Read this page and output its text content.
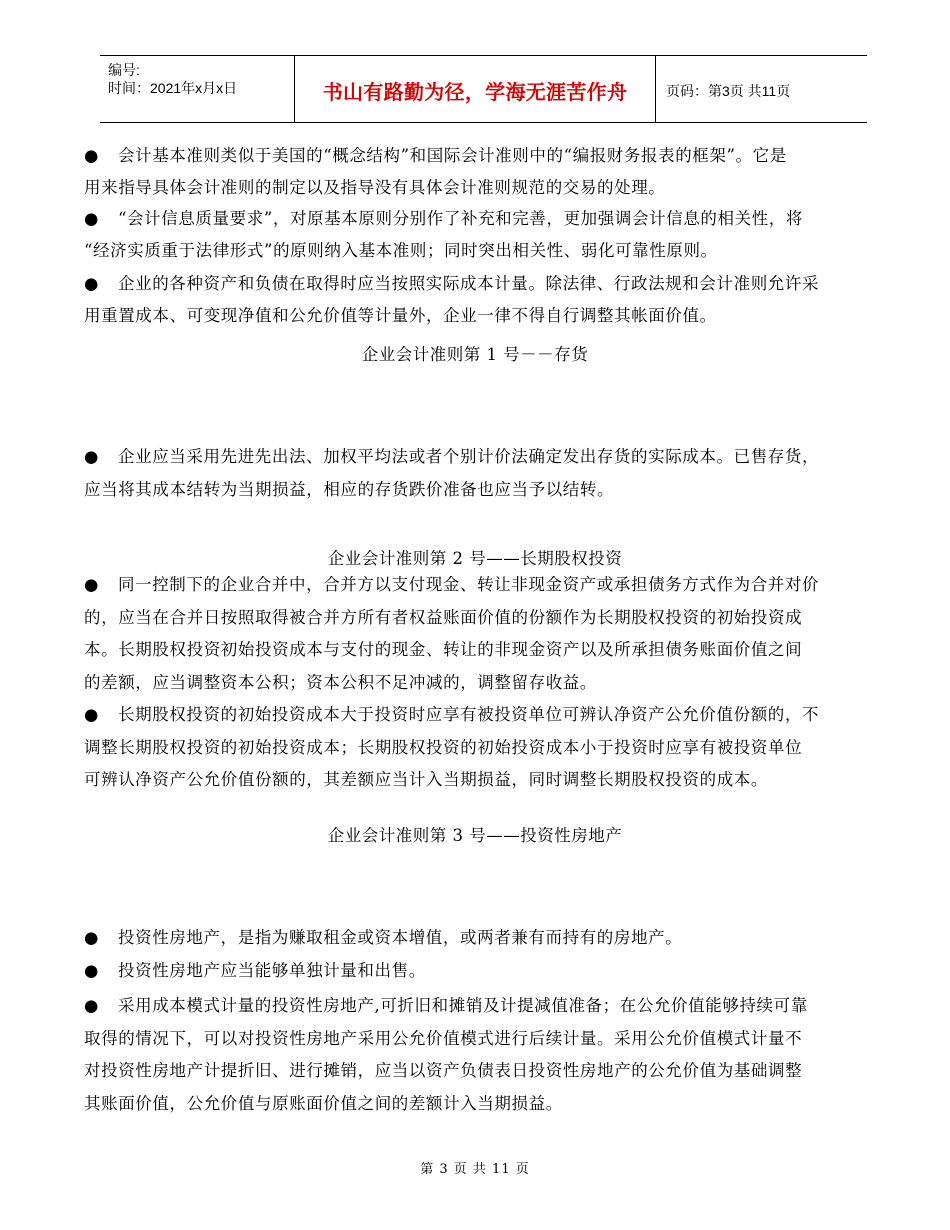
编号:
时间：2021年x月x日	书山有路勤为径，学海无涯苦作舟	页码：第3页 共11页
● 会计基本准则类似于美国的“概念结构”和国际会计准则中的“编报财务报表的框架”。它是
用来指导具体会计准则的制定以及指导没有具体会计准则规范的交易的处理。
● “会计信息质量要求”，对原基本原则分别作了补充和完善，更加强调会计信息的相关性，将
“经济实质重于法律形式”的原则纳入基本准则；同时突出相关性、弱化可靠性原则。
● 企业的各种资产和负债在取得时应当按照实际成本计量。除法律、行政法规和会计准则允许采
用重置成本、可变现净值和公允价值等计量外，企业一律不得自行调整其帐面价值。
企业会计准则第 1 号－－存货
● 企业应当采用先进先出法、加权平均法或者个别计价法确定发出存货的实际成本。已售存货，
应当将其成本结转为当期损益，相应的存货跌价准备也应当予以结转。
企业会计准则第 2 号——长期股权投资
● 同一控制下的企业合并中，合并方以支付现金、转让非现金资产或承担债务方式作为合并对价
的，应当在合并日按照取得被合并方所有者权益账面价值的份额作为长期股权投资的初始投资成
本。长期股权投资初始投资成本与支付的现金、转让的非现金资产以及所承担债务账面价值之间
的差额，应当调整资本公积；资本公积不足冲减的，调整留存收益。
● 长期股权投资的初始投资成本大于投资时应享有被投资单位可辨认净资产公允价值份额的，不
调整长期股权投资的初始投资成本；长期股权投资的初始投资成本小于投资时应享有被投资单位
可辨认净资产公允价值份额的，其差额应当计入当期损益，同时调整长期股权投资的成本。
企业会计准则第 3 号——投资性房地产
● 投资性房地产，是指为赚取租金或资本增值，或两者兼有而持有的房地产。
● 投资性房地产应当能够单独计量和出售。
● 采用成本模式计量的投资性房地产,可折旧和摊销及计提减值准备；在公允价值能够持续可靠
取得的情况下，可以对投资性房地产采用公允价值模式进行后续计量。采用公允价值模式计量不
对投资性房地产计提折旧、进行摊销，应当以资产负债表日投资性房地产的公允价值为基础调整
其账面价值，公允价值与原账面价值之间的差额计入当期损益。
第 3 页 共 11 页
